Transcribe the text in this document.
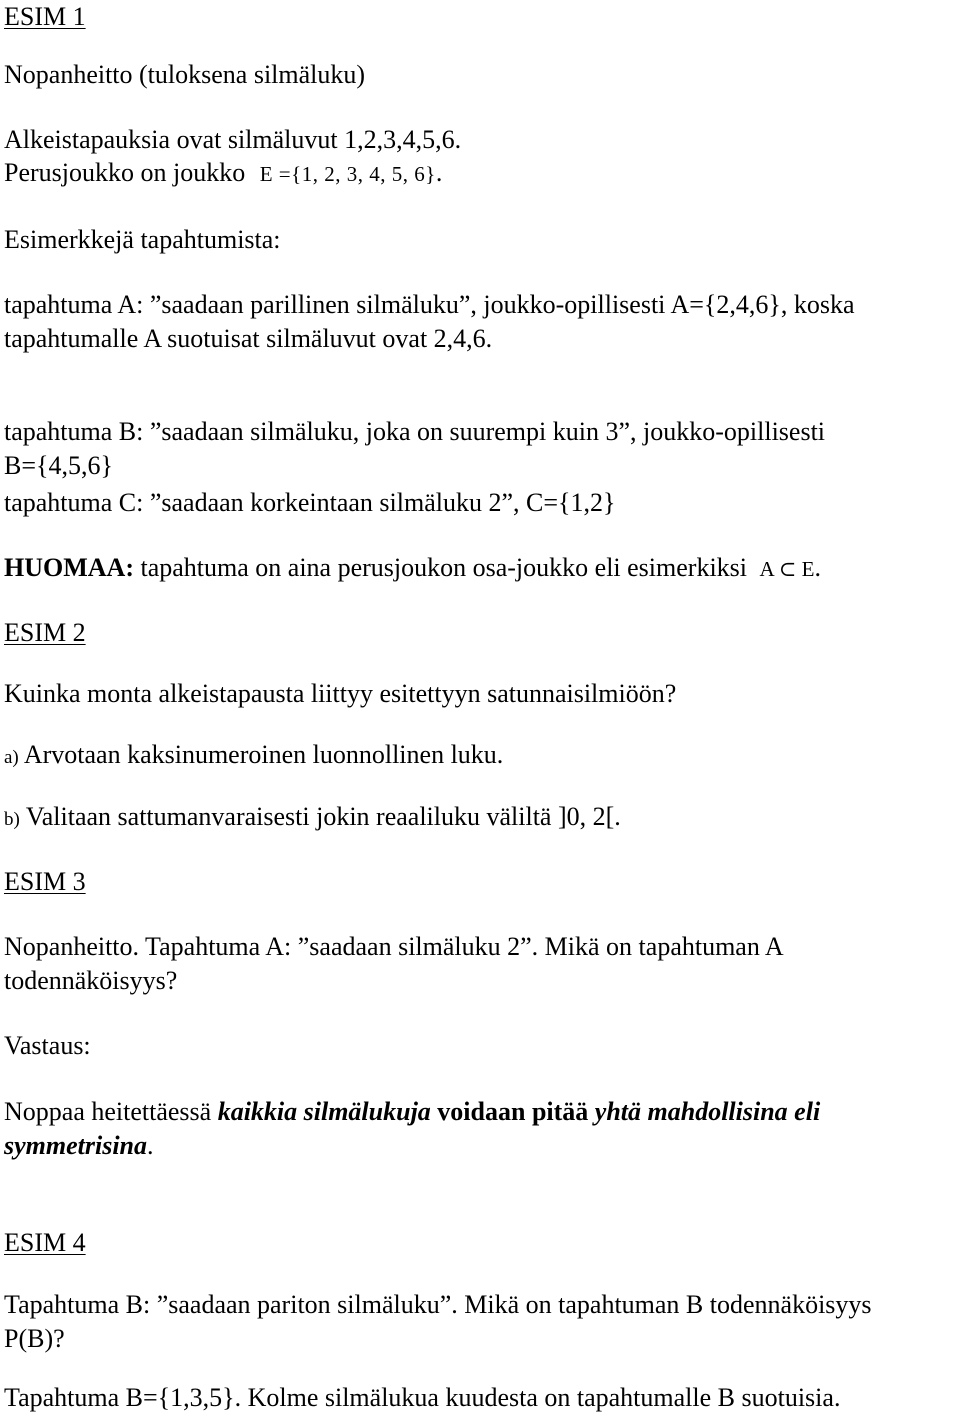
ESIM 1
Nopanheitto (tuloksena silmäluku)
Alkeistapauksia ovat silmäluvut 1,2,3,4,5,6.
Perusjoukko on joukko E ={1, 2, 3, 4, 5, 6}.
Esimerkkejä tapahtumista:
tapahtuma A: ”saadaan parillinen silmäluku”, joukko-opillisesti A={2,4,6}, koska
tapahtumalle A suotuisat silmäluvut ovat 2,4,6.
tapahtuma B: ”saadaan silmäluku, joka on suurempi kuin 3”, joukko-opillisesti
B={4,5,6}
tapahtuma C: ”saadaan korkeintaan silmäluku 2”, C={1,2}
HUOMAA: tapahtuma on aina perusjoukon osa-joukko eli esimerkiksi A ⊂ E.
ESIM 2
Kuinka monta alkeistapausta liittyy esitettyyn satunnaisilmiöön?
a) Arvotaan kaksinumeroinen luonnollinen luku.
b) Valitaan sattumanvaraisesti jokin reaaliluku väliltä ]0, 2[.
ESIM 3
Nopanheitto. Tapahtuma A: ”saadaan silmäluku 2”. Mikä on tapahtuman A
todennäköisyys?
Vastaus:
Noppaa heitettäessä kaikkia silmälukuja voidaan pitää yhtä mahdollisina eli
symmetrisina.
ESIM 4
Tapahtuma B: ”saadaan pariton silmäluku”. Mikä on tapahtuman B todennäköisyys
P(B)?
Tapahtuma B={1,3,5}. Kolme silmälukua kuudesta on tapahtumalle B suotuisia.
